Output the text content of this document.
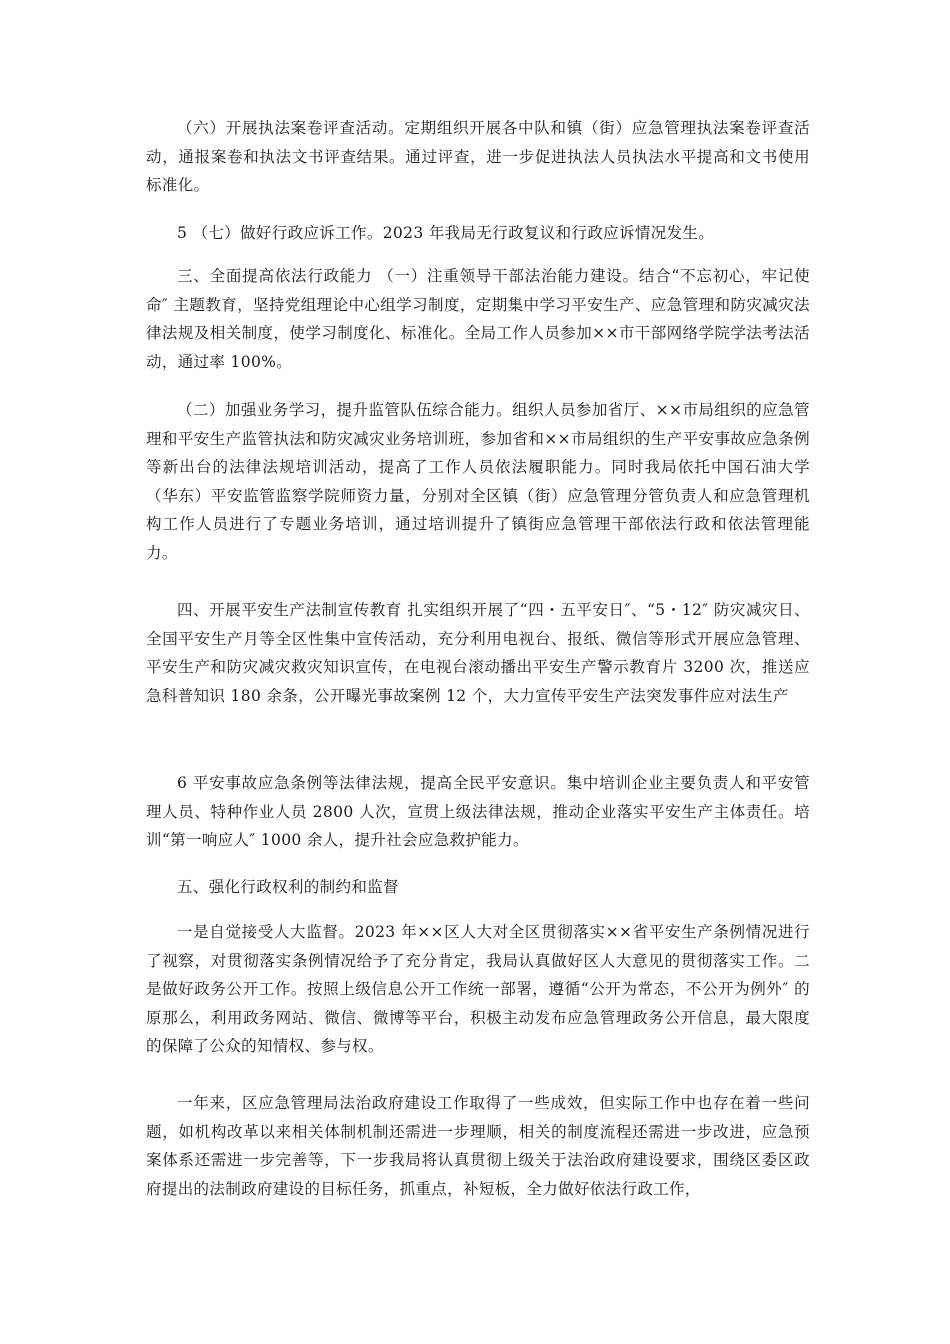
（六）开展执法案卷评查活动。定期组织开展各中队和镇（街）应急管理执法案卷评查活动，通报案卷和执法文书评查结果。通过评查，进一步促进执法人员执法水平提高和文书使用标准化。

5 （七）做好行政应诉工作。2023 年我局无行政复议和行政应诉情况发生。

三、全面提高依法行政能力 （一）注重领导干部法治能力建设。结合“不忘初心，牢记使命″ 主题教育，坚持党组理论中心组学习制度，定期集中学习平安生产、应急管理和防灾减灾法律法规及相关制度，使学习制度化、标准化。全局工作人员参加××市干部网络学院学法考法活动，通过率 100%。

（二）加强业务学习，提升监管队伍综合能力。组织人员参加省厅、××市局组织的应急管理和平安生产监管执法和防灾减灾业务培训班，参加省和××市局组织的生产平安事故应急条例等新出台的法律法规培训活动，提高了工作人员依法履职能力。同时我局依托中国石油大学（华东）平安监管监察学院师资力量，分别对全区镇（街）应急管理分管负责人和应急管理机构工作人员进行了专题业务培训，通过培训提升了镇街应急管理干部依法行政和依法管理能力。

四、开展平安生产法制宣传教育 扎实组织开展了“四・五平安日″、“5・12″ 防灾减灾日、全国平安生产月等全区性集中宣传活动，充分利用电视台、报纸、微信等形式开展应急管理、平安生产和防灾减灾救灾知识宣传，在电视台滚动播出平安生产警示教育片 3200 次，推送应急科普知识 180 余条，公开曝光事故案例 12 个，大力宣传平安生产法突发事件应对法生产

6 平安事故应急条例等法律法规，提高全民平安意识。集中培训企业主要负责人和平安管理人员、特种作业人员 2800 人次，宣贯上级法律法规，推动企业落实平安生产主体责任。培训“第一响应人″ 1000 余人，提升社会应急救护能力。

五、强化行政权利的制约和监督

一是自觉接受人大监督。2023 年××区人大对全区贯彻落实××省平安生产条例情况进行了视察，对贯彻落实条例情况给予了充分肯定，我局认真做好区人大意见的贯彻落实工作。二是做好政务公开工作。按照上级信息公开工作统一部署，遵循“公开为常态，不公开为例外″ 的原那么，利用政务网站、微信、微博等平台，积极主动发布应急管理政务公开信息，最大限度的保障了公众的知情权、参与权。

一年来，区应急管理局法治政府建设工作取得了一些成效，但实际工作中也存在着一些问题，如机构改革以来相关体制机制还需进一步理顺，相关的制度流程还需进一步改进，应急预案体系还需进一步完善等，下一步我局将认真贯彻上级关于法治政府建设要求，围绕区委区政府提出的法制政府建设的目标任务，抓重点，补短板，全力做好依法行政工作，
